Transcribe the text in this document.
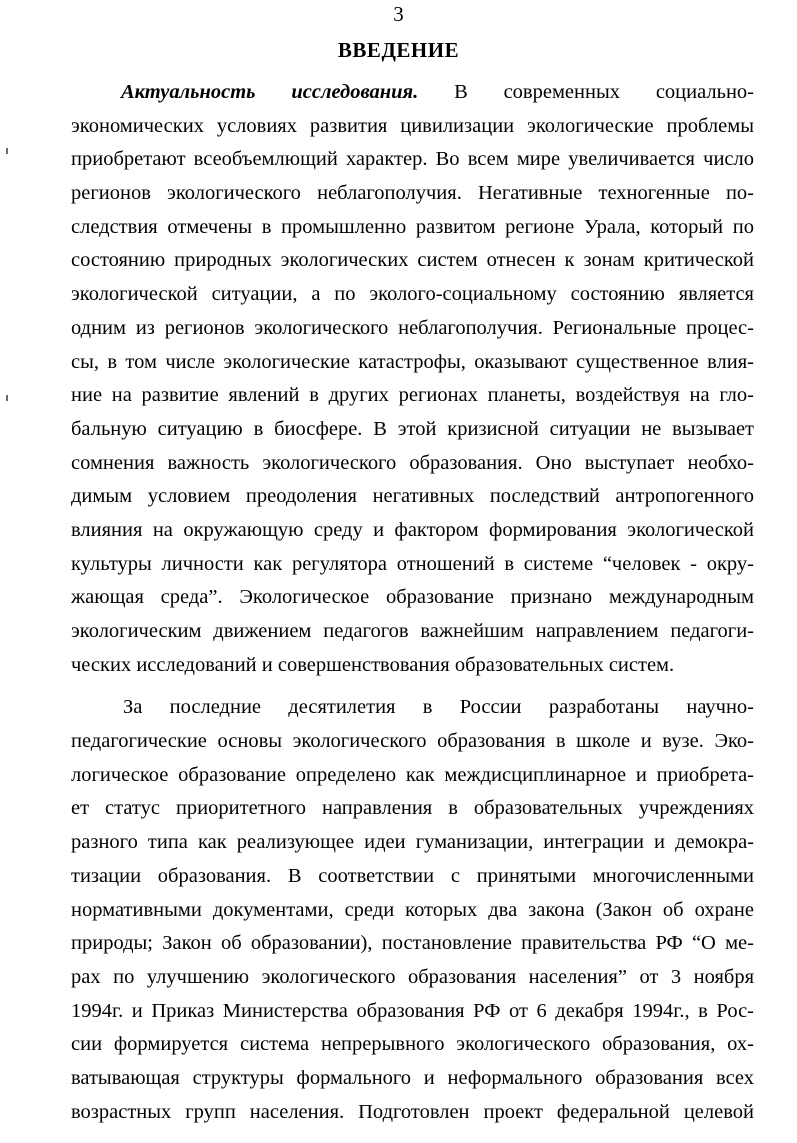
3
ВВЕДЕНИЕ
Актуальность исследования. В современных социально-
экономических условиях развития цивилизации экологические проблемы
приобретают всеобъемлющий характер. Во всем мире увеличивается число
регионов экологического неблагополучия. Негативные техногенные по-
следствия отмечены в промышленно развитом регионе Урала, который по
состоянию природных экологических систем отнесен к зонам критической
экологической ситуации, а по эколого-социальному состоянию является
одним из регионов экологического неблагополучия. Региональные процес-
сы, в том числе экологические катастрофы, оказывают существенное влия-
ние на развитие явлений в других регионах планеты, воздействуя на гло-
бальную ситуацию в биосфере. В этой кризисной ситуации не вызывает
сомнения важность экологического образования. Оно выступает необхо-
димым условием преодоления негативных последствий антропогенного
влияния на окружающую среду и фактором формирования экологической
культуры личности как регулятора отношений в системе “человек - окру-
жающая среда”. Экологическое образование признано международным
экологическим движением педагогов важнейшим направлением педагоги-
ческих исследований и совершенствования образовательных систем.
За последние десятилетия в России разработаны научно-
педагогические основы экологического образования в школе и вузе. Эко-
логическое образование определено как междисциплинарное и приобрета-
ет статус приоритетного направления в образовательных учреждениях
разного типа как реализующее идеи гуманизации, интеграции и демокра-
тизации образования. В соответствии с принятыми многочисленными
нормативными документами, среди которых два закона (Закон об охране
природы; Закон об образовании), постановление правительства РФ “О ме-
рах по улучшению экологического образования населения” от 3 ноября
1994г. и Приказ Министерства образования РФ от 6 декабря 1994г., в Рос-
сии формируется система непрерывного экологического образования, ох-
ватывающая структуры формального и неформального образования всех
возрастных групп населения. Подготовлен проект федеральной целевой
